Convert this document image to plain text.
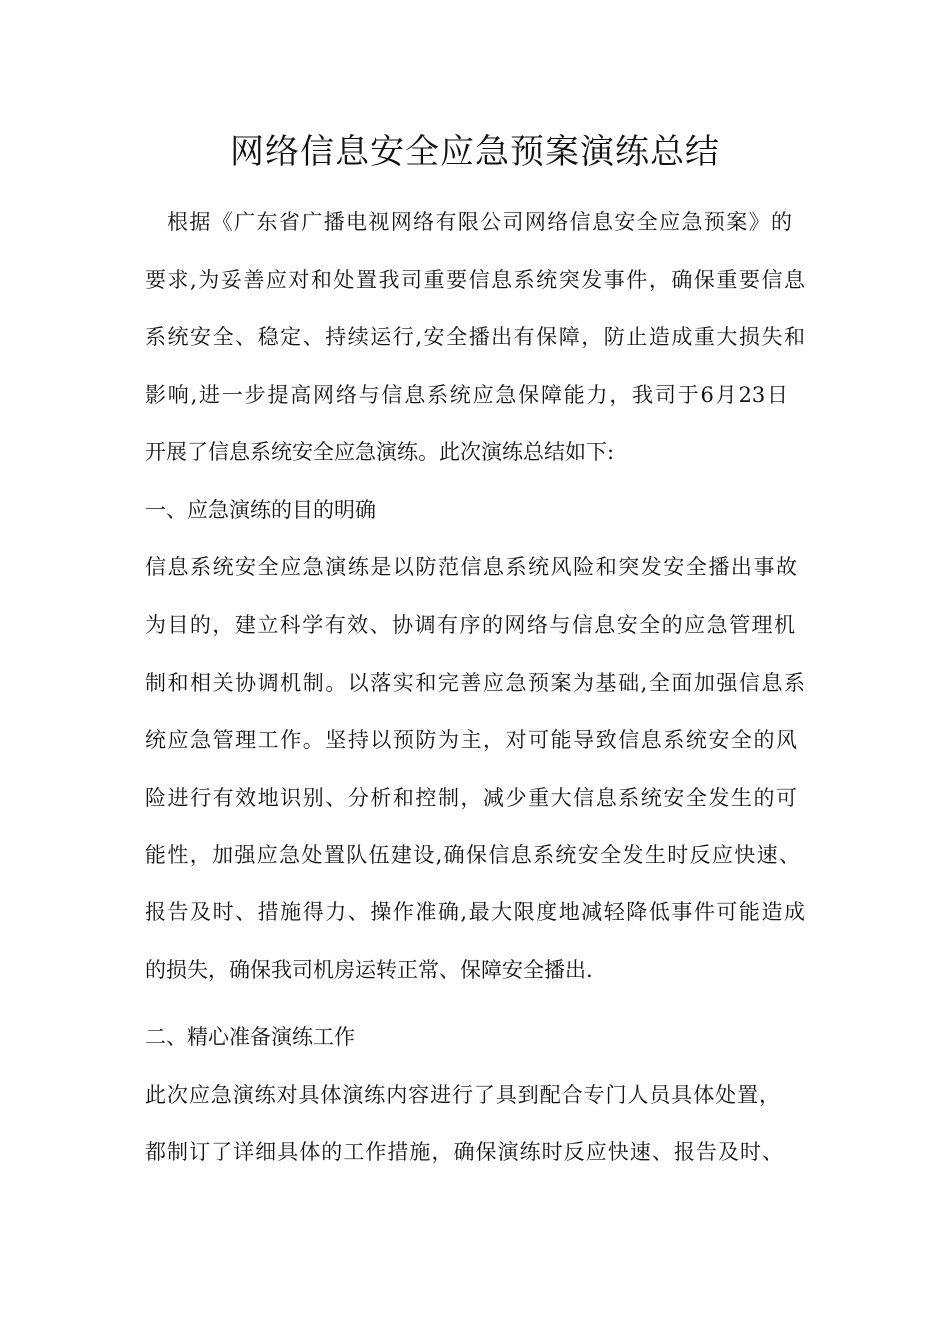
网络信息安全应急预案演练总结
根据《广东省广播电视网络有限公司网络信息安全应急预案》的
要求,为妥善应对和处置我司重要信息系统突发事件，确保重要信息
系统安全、稳定、持续运行,安全播出有保障，防止造成重大损失和
影响,进一步提高网络与信息系统应急保障能力，我司于6月23日
开展了信息系统安全应急演练。此次演练总结如下:
一、应急演练的目的明确
信息系统安全应急演练是以防范信息系统风险和突发安全播出事故
为目的，建立科学有效、协调有序的网络与信息安全的应急管理机
制和相关协调机制。以落实和完善应急预案为基础,全面加强信息系
统应急管理工作。坚持以预防为主，对可能导致信息系统安全的风
险进行有效地识别、分析和控制，减少重大信息系统安全发生的可
能性，加强应急处置队伍建设,确保信息系统安全发生时反应快速、
报告及时、措施得力、操作准确,最大限度地减轻降低事件可能造成
的损失，确保我司机房运转正常、保障安全播出.
二、精心准备演练工作
此次应急演练对具体演练内容进行了具到配合专门人员具体处置，
都制订了详细具体的工作措施，确保演练时反应快速、报告及时、
